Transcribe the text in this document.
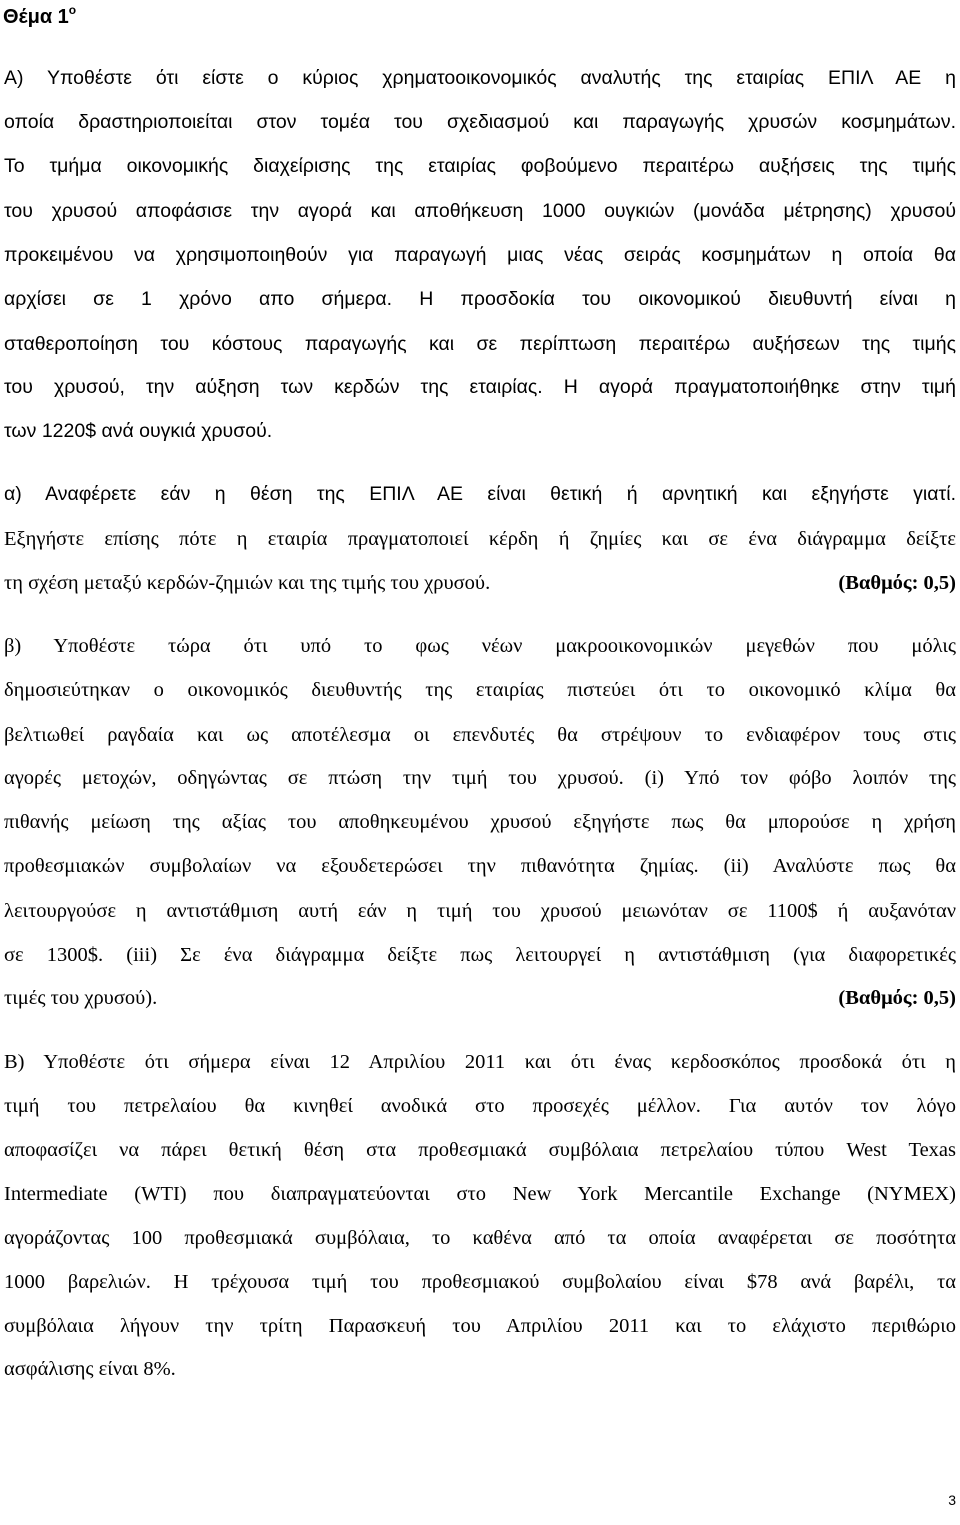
Θέμα $1^o$
Α) Υποθέστε ότι είστε ο κύριος χρηματοοικονομικός αναλυτής της εταιρίας ΕΠΙΛ ΑΕ η
οποία δραστηριοποιείται στον τομέα του σχεδιασμού και παραγωγής χρυσών κοσμημάτων.
Το τμήμα οικονομικής διαχείρισης της εταιρίας φοβούμενο περαιτέρω αυξήσεις της τιμής
του χρυσού αποφάσισε την αγορά και αποθήκευση 1000 ουγκιών (μονάδα μέτρησης) χρυσού
προκειμένου να χρησιμοποιηθούν για παραγωγή μιας νέας σειράς κοσμημάτων η οποία θα
αρχίσει σε 1 χρόνο απο σήμερα. Η προσδοκία του οικονομικού διευθυντή είναι η
σταθεροποίηση του κόστους παραγωγής και σε περίπτωση περαιτέρω αυξήσεων της τιμής
του χρυσού, την αύξηση των κερδών της εταιρίας. Η αγορά πραγματοποιήθηκε στην τιμή
των 1220$ ανά ουγκιά χρυσού.
α) Αναφέρετε εάν η θέση της ΕΠΙΛ ΑΕ είναι θετική ή αρνητική και εξηγήστε γιατί.
Εξηγήστε επίσης πότε η εταιρία πραγματοποιεί κέρδη ή ζημίες και σε ένα διάγραμμα δείξτε
τη σχέση μεταξύ κερδών-ζημιών και της τιμής του χρυσού.	(Βαθμός: 0,5)
β) Υποθέστε τώρα ότι υπό το φως νέων μακροοικονομικών μεγεθών που μόλις
δημοσιεύτηκαν ο οικονομικός διευθυντής της εταιρίας πιστεύει ότι το οικονομικό κλίμα θα
βελτιωθεί ραγδαία και ως αποτέλεσμα οι επενδυτές θα στρέψουν το ενδιαφέρον τους στις
αγορές μετοχών, οδηγώντας σε πτώση την τιμή του χρυσού. (i) Υπό τον φόβο λοιπόν της
πιθανής μείωση της αξίας του αποθηκευμένου χρυσού εξηγήστε πως θα μπορούσε η χρήση
προθεσμιακών συμβολαίων να εξουδετερώσει την πιθανότητα ζημίας. (ii) Αναλύστε πως θα
λειτουργούσε η αντιστάθμιση αυτή εάν η τιμή του χρυσού μειωνόταν σε 1100$ ή αυξανόταν
σε 1300$. (iii) Σε ένα διάγραμμα δείξτε πως λειτουργεί η αντιστάθμιση (για διαφορετικές
τιμές του χρυσού).	(Βαθμός: 0,5)
Β) Υποθέστε ότι σήμερα είναι 12 Απριλίου 2011 και ότι ένας κερδοσκόπος προσδοκά ότι η
τιμή του πετρελαίου θα κινηθεί ανοδικά στο προσεχές μέλλον. Για αυτόν τον λόγο
αποφασίζει να πάρει θετική θέση στα προθεσμιακά συμβόλαια πετρελαίου τύπου West Texas
Intermediate (WTI) που διαπραγματεύονται στο New York Mercantile Exchange (NYMEX)
αγοράζοντας 100 προθεσμιακά συμβόλαια, το καθένα από τα οποία αναφέρεται σε ποσότητα
1000 βαρελιών. Η τρέχουσα τιμή του προθεσμιακού συμβολαίου είναι $78 ανά βαρέλι, τα
συμβόλαια λήγουν την τρίτη Παρασκευή του Απριλίου 2011 και το ελάχιστο περιθώριο
ασφάλισης είναι 8%.
3
